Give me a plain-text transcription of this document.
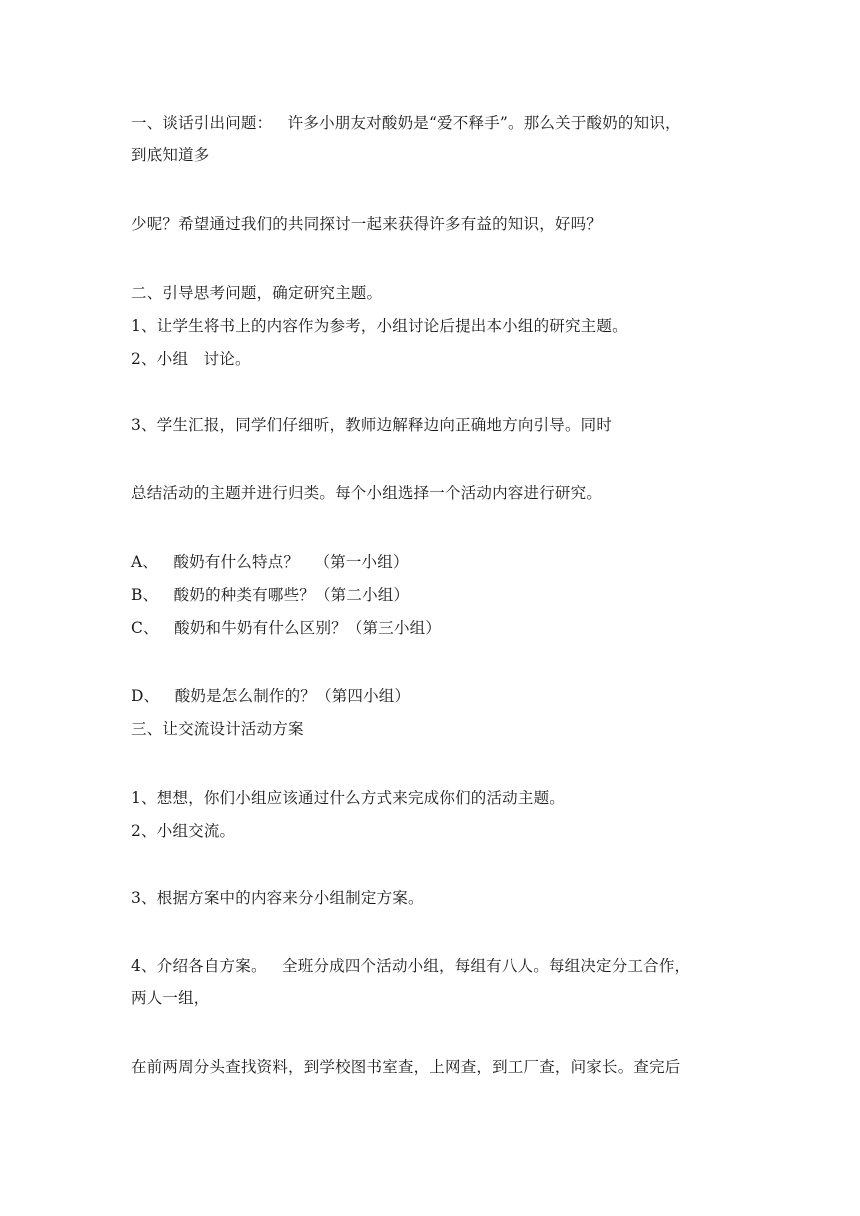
一、谈话引出问题：   许多小朋友对酸奶是“爱不释手”。那么关于酸奶的知识，
到底知道多
少呢？希望通过我们的共同探讨一起来获得许多有益的知识，好吗？
二、引导思考问题，确定研究主题。
1、让学生将书上的内容作为参考，小组讨论后提出本小组的研究主题。
2、小组   讨论。
3、学生汇报，同学们仔细听，教师边解释边向正确地方向引导。同时
总结活动的主题并进行归类。每个小组选择一个活动内容进行研究。
A、   酸奶有什么特点？   （第一小组）
B、   酸奶的种类有哪些？（第二小组）
C、   酸奶和牛奶有什么区别？（第三小组）
D、   酸奶是怎么制作的？（第四小组）
三、让交流设计活动方案
1、想想，你们小组应该通过什么方式来完成你们的活动主题。
2、小组交流。
3、根据方案中的内容来分小组制定方案。
4、介绍各自方案。   全班分成四个活动小组，每组有八人。每组决定分工合作，
两人一组，
在前两周分头查找资料，到学校图书室查，上网查，到工厂查，问家长。查完后
